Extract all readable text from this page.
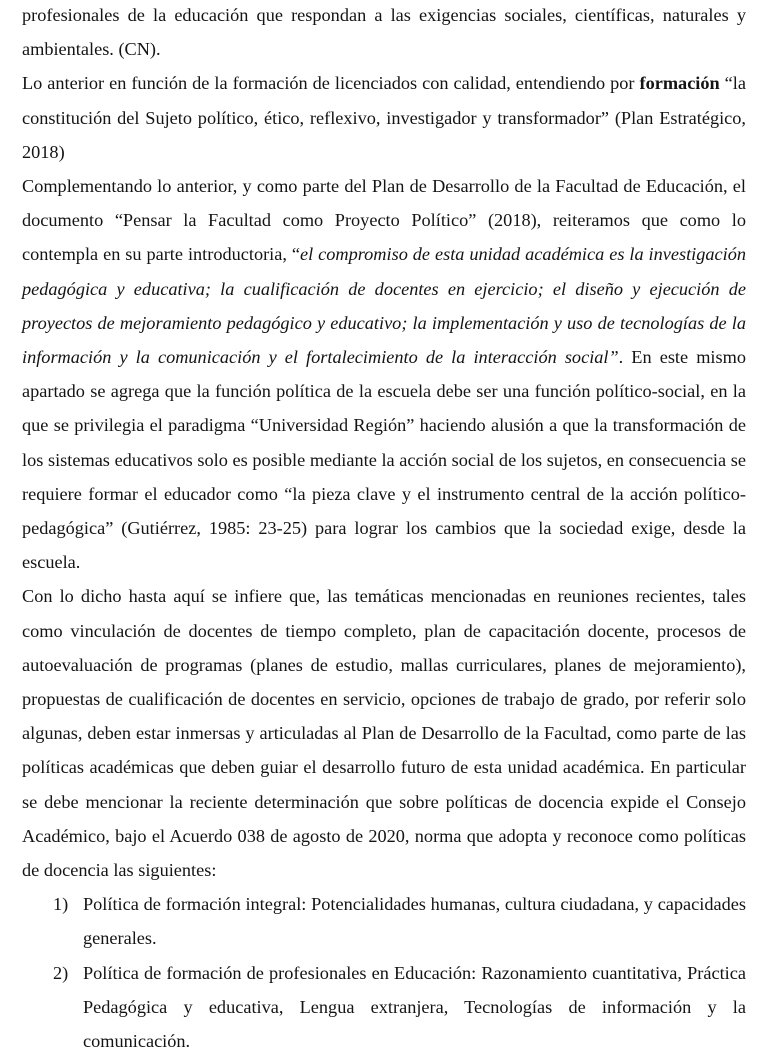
profesionales de la educación que respondan a las exigencias sociales, científicas, naturales y ambientales. (CN).

Lo anterior en función de la formación de licenciados con calidad, entendiendo por formación “la constitución del Sujeto político, ético, reflexivo, investigador y transformador” (Plan Estratégico, 2018)

Complementando lo anterior, y como parte del Plan de Desarrollo de la Facultad de Educación, el documento “Pensar la Facultad como Proyecto Político” (2018), reiteramos que como lo contempla en su parte introductoria, “el compromiso de esta unidad académica es la investigación pedagógica y educativa; la cualificación de docentes en ejercicio; el diseño y ejecución de proyectos de mejoramiento pedagógico y educativo; la implementación y uso de tecnologías de la información y la comunicación y el fortalecimiento de la interacción social”. En este mismo apartado se agrega que la función política de la escuela debe ser una función político-social, en la que se privilegia el paradigma “Universidad Región” haciendo alusión a que la transformación de los sistemas educativos solo es posible mediante la acción social de los sujetos, en consecuencia se requiere formar el educador como “la pieza clave y el instrumento central de la acción político-pedagógica” (Gutiérrez, 1985: 23-25) para lograr los cambios que la sociedad exige, desde la escuela.

Con lo dicho hasta aquí se infiere que, las temáticas mencionadas en reuniones recientes, tales como vinculación de docentes de tiempo completo, plan de capacitación docente, procesos de autoevaluación de programas (planes de estudio, mallas curriculares, planes de mejoramiento), propuestas de cualificación de docentes en servicio, opciones de trabajo de grado, por referir solo algunas, deben estar inmersas y articuladas al Plan de Desarrollo de la Facultad, como parte de las políticas académicas que deben guiar el desarrollo futuro de esta unidad académica. En particular se debe mencionar la reciente determinación que sobre políticas de docencia expide el Consejo Académico, bajo el Acuerdo 038 de agosto de 2020, norma que adopta y reconoce como políticas de docencia las siguientes:

1) Política de formación integral: Potencialidades humanas, cultura ciudadana, y capacidades generales.
2) Política de formación de profesionales en Educación: Razonamiento cuantitativa, Práctica Pedagógica y educativa, Lengua extranjera, Tecnologías de información y la comunicación.
